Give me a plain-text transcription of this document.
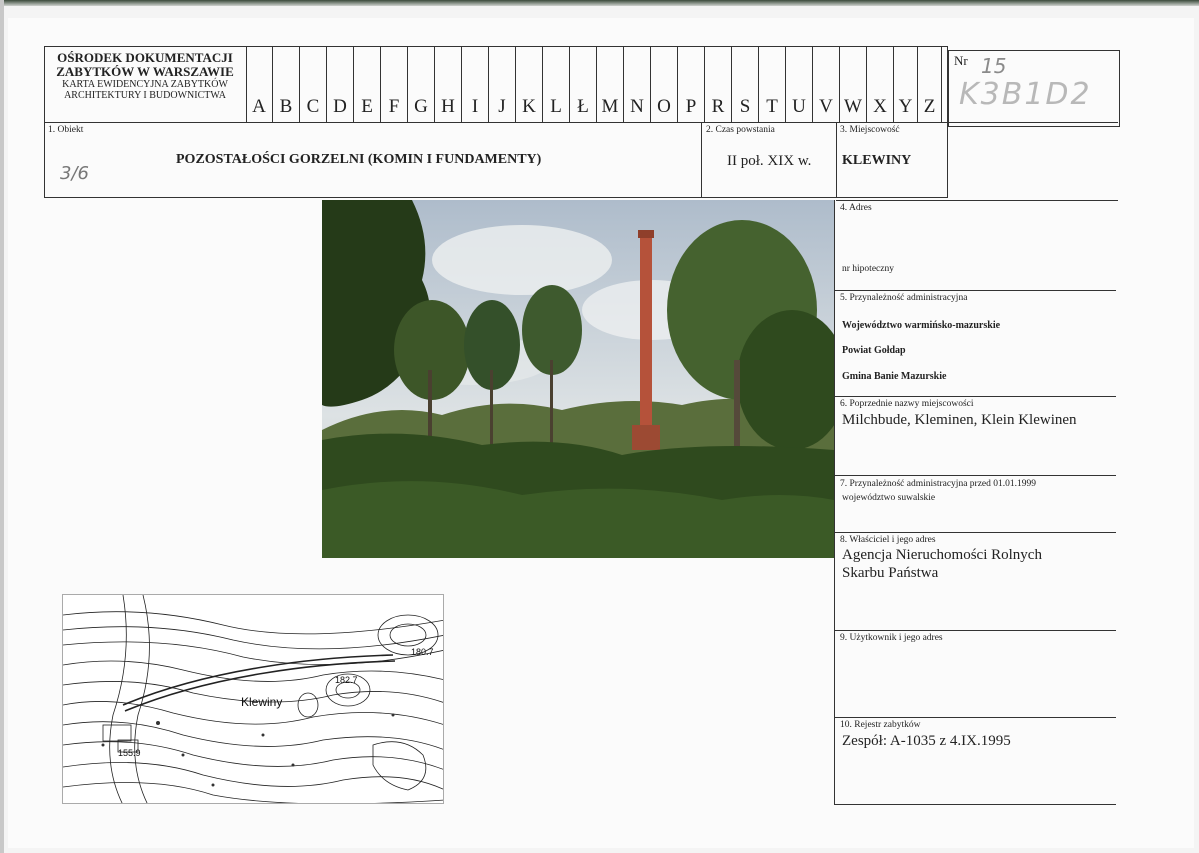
OŚRODEK DOKUMENTACJI
ZABYTKÓW W WARSZAWIE
KARTA EWIDENCYJNA ZABYTKÓW
ARCHITEKTURY I BUDOWNICTWA
A B C D E F G H I	J K L Ł M N O P R S T U V W X Y Z
Nr 15
K3B1D2
1. Obiekt
3/6
POZOSTAŁOŚCI GORZELNI (KOMIN I FUNDAMENTY)
2. Czas powstania
II poł. XIX w.
3. Miejscowość
KLEWINY
4. Adres
nr hipoteczny
5. Przynależność administracyjna
Województwo warmińsko-mazurskie
Powiat Gołdap
Gmina Banie Mazurskie
6. Poprzednie nazwy miejscowości
Milchbude, Kleminen, Klein Klewinen
7. Przynależność administracyjna przed 01.01.1999
województwo suwalskie
8. Właściciel i jego adres
Agencja Nieruchomości Rolnych
Skarbu Państwa
9. Użytkownik i jego adres
10. Rejestr zabytków
Zespół: A-1035 z 4.IX.1995
Klewiny
180.7
182.7
155.9
